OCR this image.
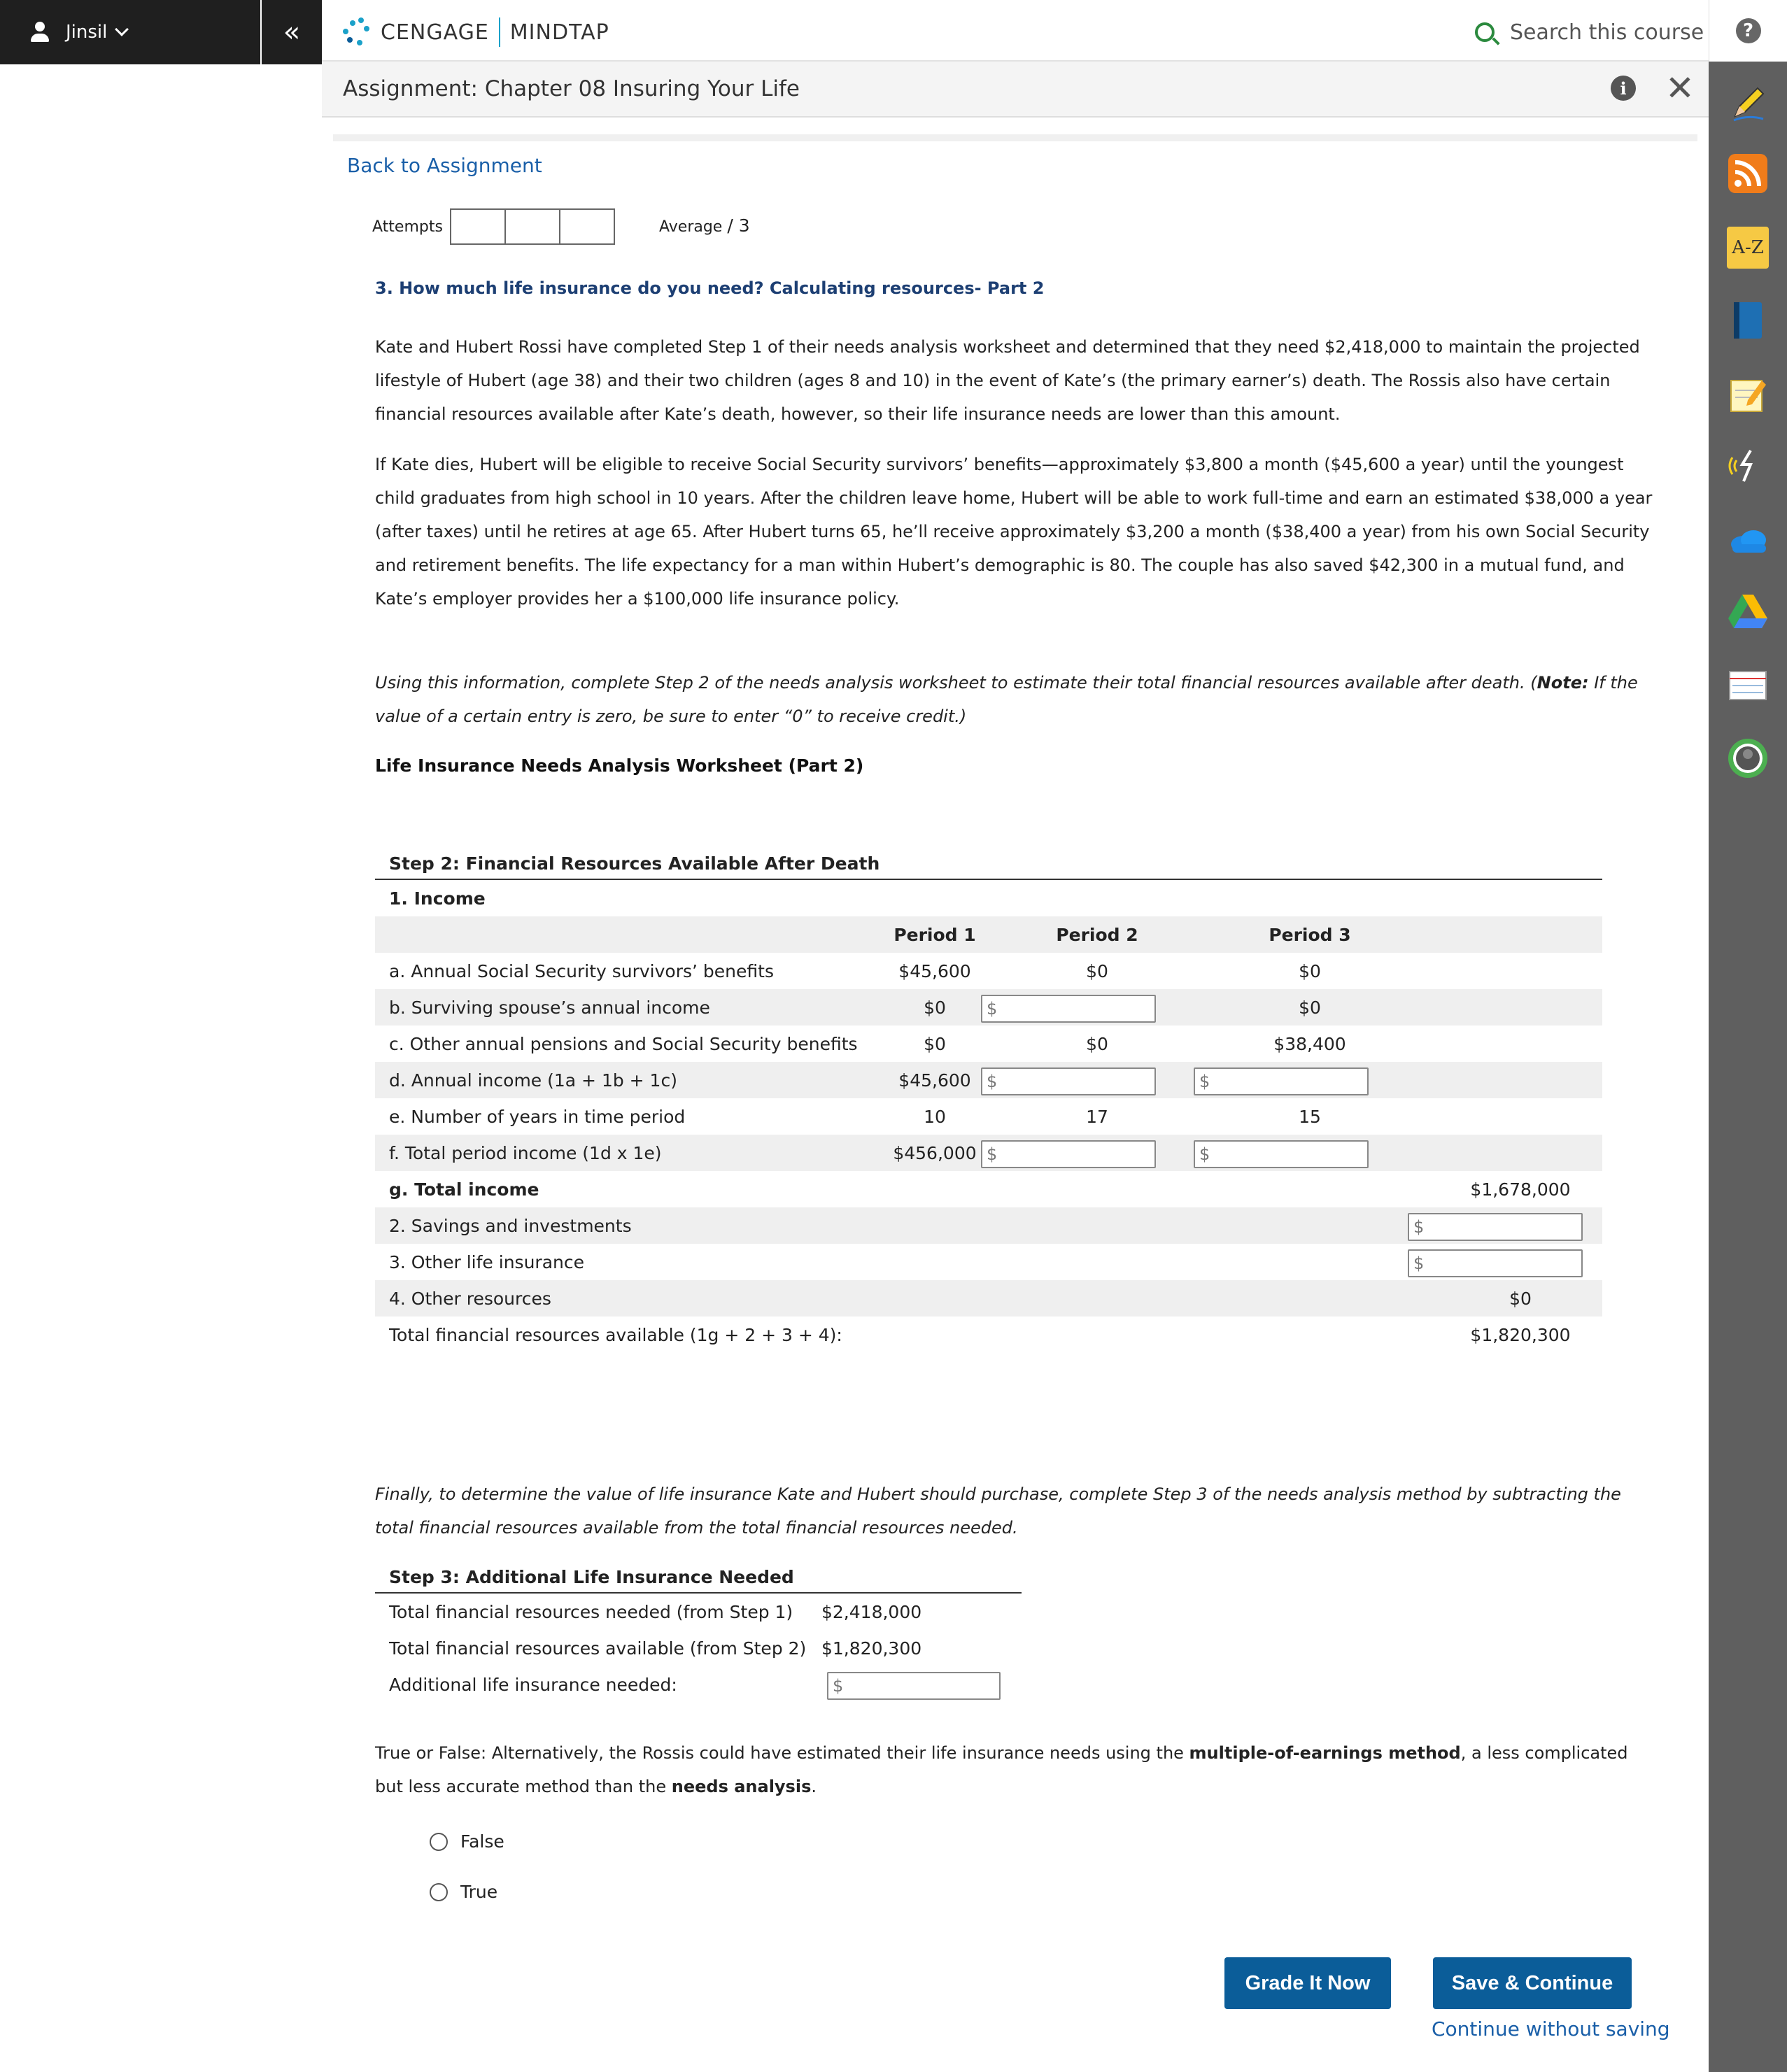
Jinsil	«	CENGAGE MINDTAP	Search this course	?
A-Z
Assignment: Chapter 08 Insuring Your Life	i ✕
Back to Assignment
Attempts	Average / 3
3. How much life insurance do you need? Calculating resources- Part 2
Kate and Hubert Rossi have completed Step 1 of their needs analysis worksheet and determined that they need $2,418,000 to maintain the projected lifestyle of Hubert (age 38) and their two children (ages 8 and 10) in the event of Kate’s (the primary earner’s) death. The Rossis also have certain financial resources available after Kate’s death, however, so their life insurance needs are lower than this amount.
If Kate dies, Hubert will be eligible to receive Social Security survivors’ benefits—approximately $3,800 a month ($45,600 a year) until the youngest child graduates from high school in 10 years. After the children leave home, Hubert will be able to work full-time and earn an estimated $38,000 a year (after taxes) until he retires at age 65. After Hubert turns 65, he’ll receive approximately $3,200 a month ($38,400 a year) from his own Social Security and retirement benefits. The life expectancy for a man within Hubert’s demographic is 80. The couple has also saved $42,300 in a mutual fund, and Kate’s employer provides her a $100,000 life insurance policy.
Using this information, complete Step 2 of the needs analysis worksheet to estimate their total financial resources available after death. (Note: If the value of a certain entry is zero, be sure to enter “0” to receive credit.)
Life Insurance Needs Analysis Worksheet (Part 2)
Step 2: Financial Resources Available After Death
1. Income
Period 1	Period 2	Period 3
a. Annual Social Security survivors’ benefits	$45,600	$0	$0
b. Surviving spouse’s annual income	$0	$	$0
c. Other annual pensions and Social Security benefits	$0	$0	$38,400
d. Annual income (1a + 1b + 1c)	$45,600 $	$
e. Number of years in time period	10	17	15
f. Total period income (1d x 1e)	$456,000 $	$
g. Total income	$1,678,000
2. Savings and investments	$
3. Other life insurance	$
4. Other resources	$0
Total financial resources available (1g + 2 + 3 + 4):	$1,820,300
Finally, to determine the value of life insurance Kate and Hubert should purchase, complete Step 3 of the needs analysis method by subtracting the total financial resources available from the total financial resources needed.
Step 3: Additional Life Insurance Needed
Total financial resources needed (from Step 1) $2,418,000
Total financial resources available (from Step 2) $1,820,300
Additional life insurance needed:	$
True or False: Alternatively, the Rossis could have estimated their life insurance needs using the multiple-of-earnings method, a less complicated but less accurate method than the needs analysis.
False
True
Grade It Now	Save & Continue
Continue without saving
